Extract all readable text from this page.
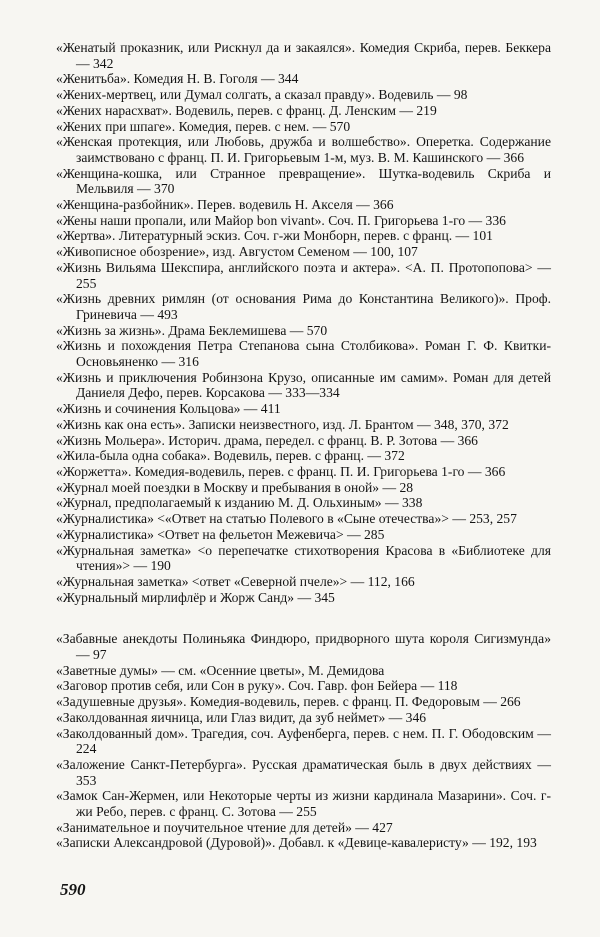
«Женатый проказник, или Рискнул да и закаялся». Комедия Скриба, перев. Беккера — 342
«Женитьба». Комедия Н. В. Гоголя — 344
«Жених-мертвец, или Думал солгать, а сказал правду». Водевиль — 98
«Жених нарасхват». Водевиль, перев. с франц. Д. Ленским — 219
«Жених при шпаге». Комедия, перев. с нем. — 570
«Женская протекция, или Любовь, дружба и волшебство». Оперетка. Содержание заимствовано с франц. П. И. Григорьевым 1-м, муз. В. М. Кашинского — 366
«Женщина-кошка, или Странное превращение». Шутка-водевиль Скриба и Мельвиля — 370
«Женщина-разбойник». Перев. водевиль Н. Акселя — 366
«Жены наши пропали, или Майор bon vivant». Соч. П. Григорьева 1-го — 336
«Жертва». Литературный эскиз. Соч. г-жи Монборн, перев. с франц. — 101
«Живописное обозрение», изд. Августом Семеном — 100, 107
«Жизнь Вильяма Шекспира, английского поэта и актера». <А. П. Протопопова> — 255
«Жизнь древних римлян (от основания Рима до Константина Великого)». Проф. Гриневича — 493
«Жизнь за жизнь». Драма Беклемишева — 570
«Жизнь и похождения Петра Степанова сына Столбикова». Роман Г. Ф. Квитки-Основьяненко — 316
«Жизнь и приключения Робинзона Крузо, описанные им самим». Роман для детей Даниеля Дефо, перев. Корсакова — 333—334
«Жизнь и сочинения Кольцова» — 411
«Жизнь как она есть». Записки неизвестного, изд. Л. Брантом — 348, 370, 372
«Жизнь Мольера». Историч. драма, передел. с франц. В. Р. Зотова — 366
«Жила-была одна собака». Водевиль, перев. с франц. — 372
«Жоржетта». Комедия-водевиль, перев. с франц. П. И. Григорьева 1-го — 366
«Журнал моей поездки в Москву и пребывания в оной» — 28
«Журнал, предполагаемый к изданию М. Д. Ольхиным» — 338
«Журналистика» <«Ответ на статью Полевого в «Сыне отечества»> — 253, 257
«Журналистика» <Ответ на фельетон Межевича> — 285
«Журнальная заметка» <о перепечатке стихотворения Красова в «Библиотеке для чтения»> — 190
«Журнальная заметка» <ответ «Северной пчеле»> — 112, 166
«Журнальный мирлифлёр и Жорж Санд» — 345
«Забавные анекдоты Полиньяка Финдюро, придворного шута короля Сигизмунда» — 97
«Заветные думы» — см. «Осенние цветы», М. Демидова
«Заговор против себя, или Сон в руку». Соч. Гавр. фон Бейера — 118
«Задушевные друзья». Комедия-водевиль, перев. с франц. П. Федоровым — 266
«Заколдованная яичница, или Глаз видит, да зуб неймет» — 346
«Заколдованный дом». Трагедия, соч. Ауфенберга, перев. с нем. П. Г. Ободовским — 224
«Заложение Санкт-Петербурга». Русская драматическая быль в двух действиях — 353
«Замок Сан-Жермен, или Некоторые черты из жизни кардинала Мазарини». Соч. г-жи Ребо, перев. с франц. С. Зотова — 255
«Занимательное и поучительное чтение для детей» — 427
«Записки Александровой (Дуровой)». Добавл. к «Девице-кавалеристу» — 192, 193
590
